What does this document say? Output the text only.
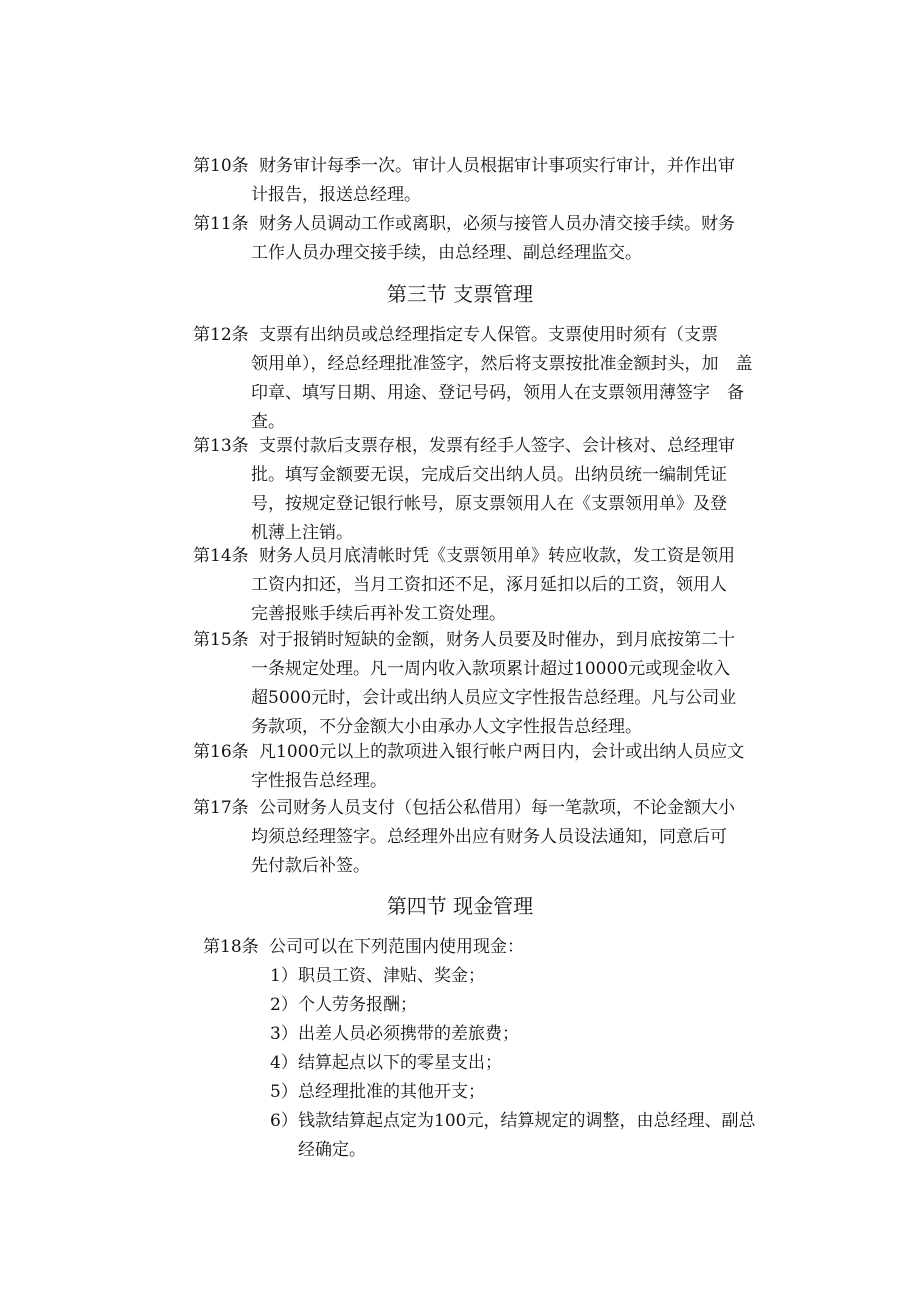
第10条 财务审计每季一次。审计人员根据审计事项实行审计，并作出审
计报告，报送总经理。
第11条 财务人员调动工作或离职，必须与接管人员办清交接手续。财务
工作人员办理交接手续，由总经理、副总经理监交。
第三节 支票管理
第12条 支票有出纳员或总经理指定专人保管。支票使用时须有（支票
领用单），经总经理批准签字，然后将支票按批准金额封头，加　盖
印章、填写日期、用途、登记号码，领用人在支票领用薄签字　备
查。
第13条 支票付款后支票存根，发票有经手人签字、会计核对、总经理审
批。填写金额要无误，完成后交出纳人员。出纳员统一编制凭证
号，按规定登记银行帐号，原支票领用人在《支票领用单》及登
机薄上注销。
第14条 财务人员月底清帐时凭《支票领用单》转应收款，发工资是领用
工资内扣还，当月工资扣还不足，涿月延扣以后的工资，领用人
完善报账手续后再补发工资处理。
第15条 对于报销时短缺的金额，财务人员要及时催办，到月底按第二十
一条规定处理。凡一周内收入款项累计超过10000元或现金收入
超5000元时，会计或出纳人员应文字性报告总经理。凡与公司业
务款项，不分金额大小由承办人文字性报告总经理。
第16条 凡1000元以上的款项进入银行帐户两日内，会计或出纳人员应文
字性报告总经理。
第17条 公司财务人员支付（包括公私借用）每一笔款项，不论金额大小
均须总经理签字。总经理外出应有财务人员设法通知，同意后可
先付款后补签。
第四节 现金管理
第18条 公司可以在下列范围内使用现金：
1）职员工资、津贴、奖金；
2）个人劳务报酬；
3）出差人员必须携带的差旅费；
4）结算起点以下的零星支出；
5）总经理批准的其他开支；
6）钱款结算起点定为100元，结算规定的调整，由总经理、副总
经确定。
